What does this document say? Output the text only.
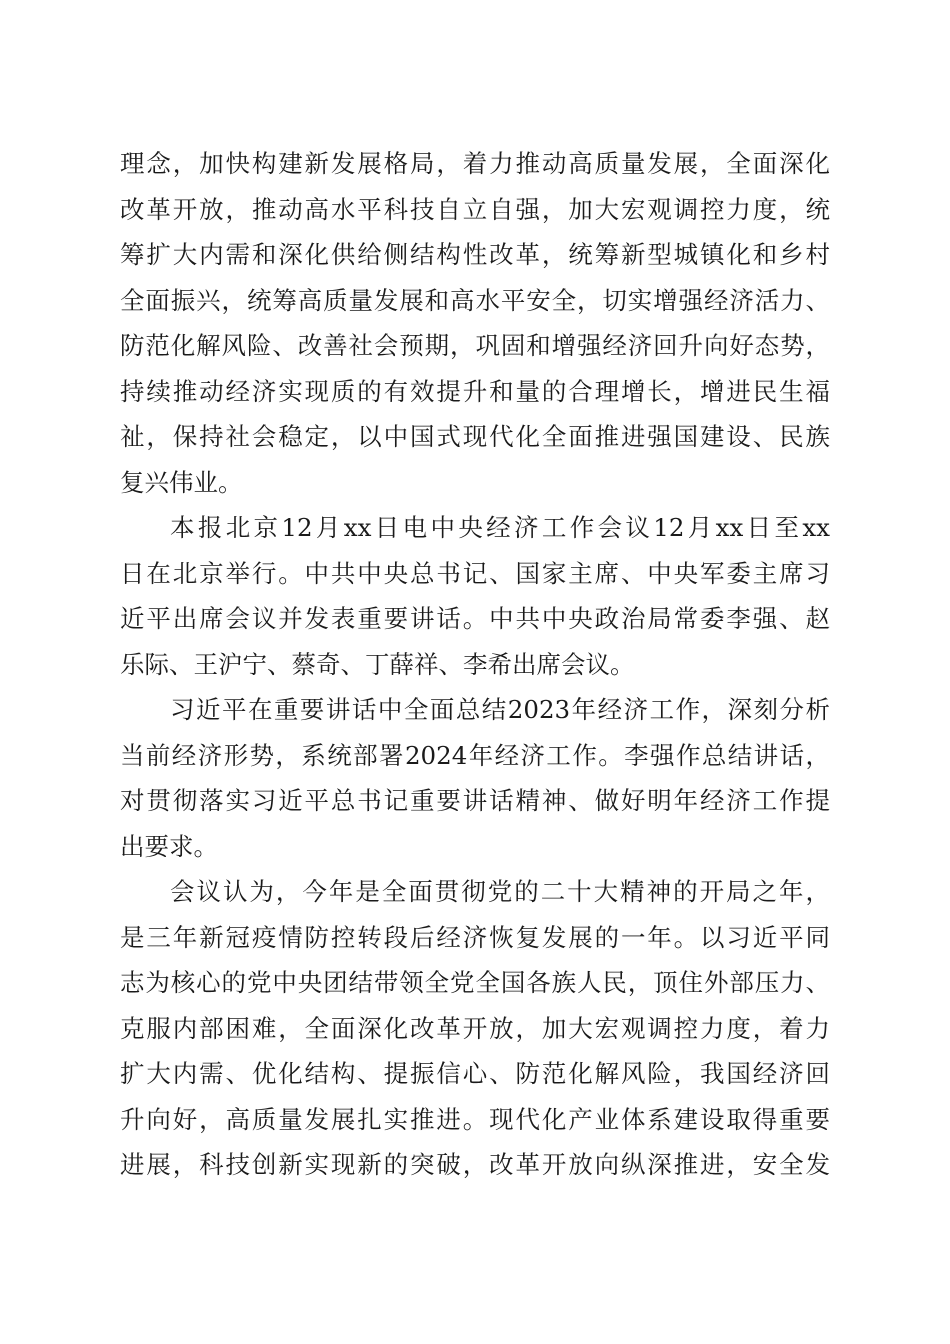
理念，加快构建新发展格局，着力推动高质量发展，全面深化
改革开放，推动高水平科技自立自强，加大宏观调控力度，统
筹扩大内需和深化供给侧结构性改革，统筹新型城镇化和乡村
全面振兴，统筹高质量发展和高水平安全，切实增强经济活力、
防范化解风险、改善社会预期，巩固和增强经济回升向好态势，
持续推动经济实现质的有效提升和量的合理增长，增进民生福
祉，保持社会稳定，以中国式现代化全面推进强国建设、民族
复兴伟业。
本报北京12月xx日电中央经济工作会议12月xx日至xx
日在北京举行。中共中央总书记、国家主席、中央军委主席习
近平出席会议并发表重要讲话。中共中央政治局常委李强、赵
乐际、王沪宁、蔡奇、丁薛祥、李希出席会议。
习近平在重要讲话中全面总结2023年经济工作，深刻分析
当前经济形势，系统部署2024年经济工作。李强作总结讲话，
对贯彻落实习近平总书记重要讲话精神、做好明年经济工作提
出要求。
会议认为，今年是全面贯彻党的二十大精神的开局之年，
是三年新冠疫情防控转段后经济恢复发展的一年。以习近平同
志为核心的党中央团结带领全党全国各族人民，顶住外部压力、
克服内部困难，全面深化改革开放，加大宏观调控力度，着力
扩大内需、优化结构、提振信心、防范化解风险，我国经济回
升向好，高质量发展扎实推进。现代化产业体系建设取得重要
进展，科技创新实现新的突破，改革开放向纵深推进，安全发
